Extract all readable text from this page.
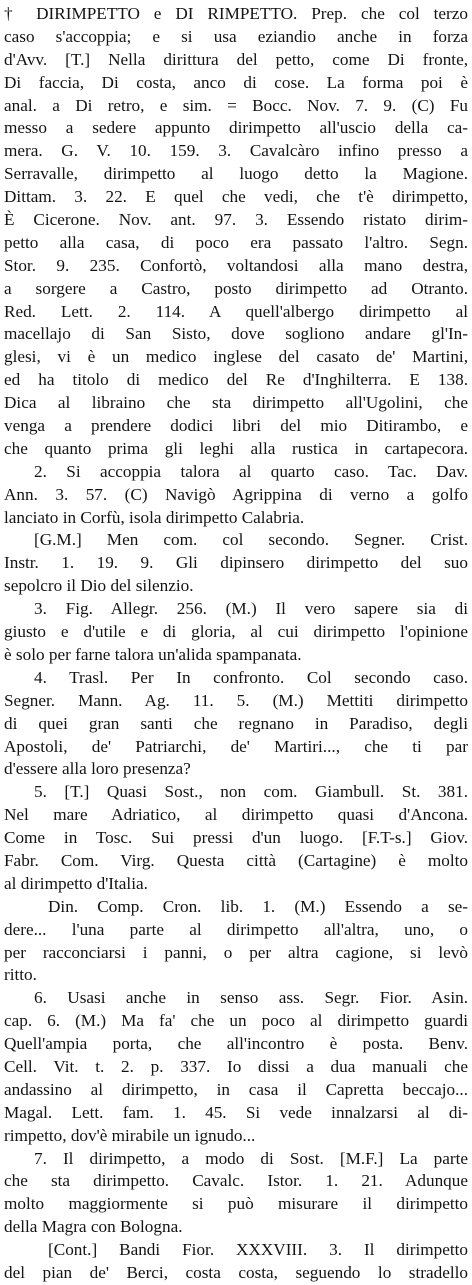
† DIRIMPETTO e DI RIMPETTO. Prep. che col terzo
caso s'accoppia; e si usa eziandio anche in forza
d'Avv. [T.] Nella dirittura del petto, come Di fronte,
Di faccia, Di costa, anco di cose. La forma poi è
anal. a Di retro, e sim. = Bocc. Nov. 7. 9. (C) Fu
messo a sedere appunto dirimpetto all'uscio della ca-
mera. G. V. 10. 159. 3. Cavalcàro infino presso a
Serravalle, dirimpetto al luogo detto la Magione.
Dittam. 3. 22. E quel che vedi, che t'è dirimpetto,
È Cicerone. Nov. ant. 97. 3. Essendo ristato dirim-
petto alla casa, di poco era passato l'altro. Segn.
Stor. 9. 235. Confortò, voltandosi alla mano destra,
a sorgere a Castro, posto dirimpetto ad Otranto.
Red. Lett. 2. 114. A quell'albergo dirimpetto al
macellajo di San Sisto, dove sogliono andare gl'In-
glesi, vi è un medico inglese del casato de' Martini,
ed ha titolo di medico del Re d'Inghilterra. E 138.
Dica al libraino che sta dirimpetto all'Ugolini, che
venga a prendere dodici libri del mio Ditirambo, e
che quanto prima gli leghi alla rustica in cartapecora.
2. Si accoppia talora al quarto caso. Tac. Dav.
Ann. 3. 57. (C) Navigò Agrippina di verno a golfo
lanciato in Corfù, isola dirimpetto Calabria.
[G.M.] Men com. col secondo. Segner. Crist.
Instr. 1. 19. 9. Gli dipinsero dirimpetto del suo
sepolcro il Dio del silenzio.
3. Fig. Allegr. 256. (M.) Il vero sapere sia di
giusto e d'utile e di gloria, al cui dirimpetto l'opinione
è solo per farne talora un'alida spampanata.
4. Trasl. Per In confronto. Col secondo caso.
Segner. Mann. Ag. 11. 5. (M.) Mettiti dirimpetto
di quei gran santi che regnano in Paradiso, degli
Apostoli, de' Patriarchi, de' Martiri..., che ti par
d'essere alla loro presenza?
5. [T.] Quasi Sost., non com. Giambull. St. 381.
Nel mare Adriatico, al dirimpetto quasi d'Ancona.
Come in Tosc. Sui pressi d'un luogo. [F.T-s.] Giov.
Fabr. Com. Virg. Questa città (Cartagine) è molto
al dirimpetto d'Italia.
Din. Comp. Cron. lib. 1. (M.) Essendo a se-
dere... l'una parte al dirimpetto all'altra, uno, o
per racconciarsi i panni, o per altra cagione, si levò
ritto.
6. Usasi anche in senso ass. Segr. Fior. Asin.
cap. 6. (M.) Ma fa' che un poco al dirimpetto guardi
Quell'ampia porta, che all'incontro è posta. Benv.
Cell. Vit. t. 2. p. 337. Io dissi a dua manuali che
andassino al dirimpetto, in casa il Capretta beccajo...
Magal. Lett. fam. 1. 45. Si vede innalzarsi al di-
rimpetto, dov'è mirabile un ignudo...
7. Il dirimpetto, a modo di Sost. [M.F.] La parte
che sta dirimpetto. Cavalc. Istor. 1. 21. Adunque
molto maggiormente si può misurare il dirimpetto
della Magra con Bologna.
[Cont.] Bandi Fior. XXXVIII. 3. Il dirimpetto
del pian de' Berci, costa costa, seguendo lo stradello
